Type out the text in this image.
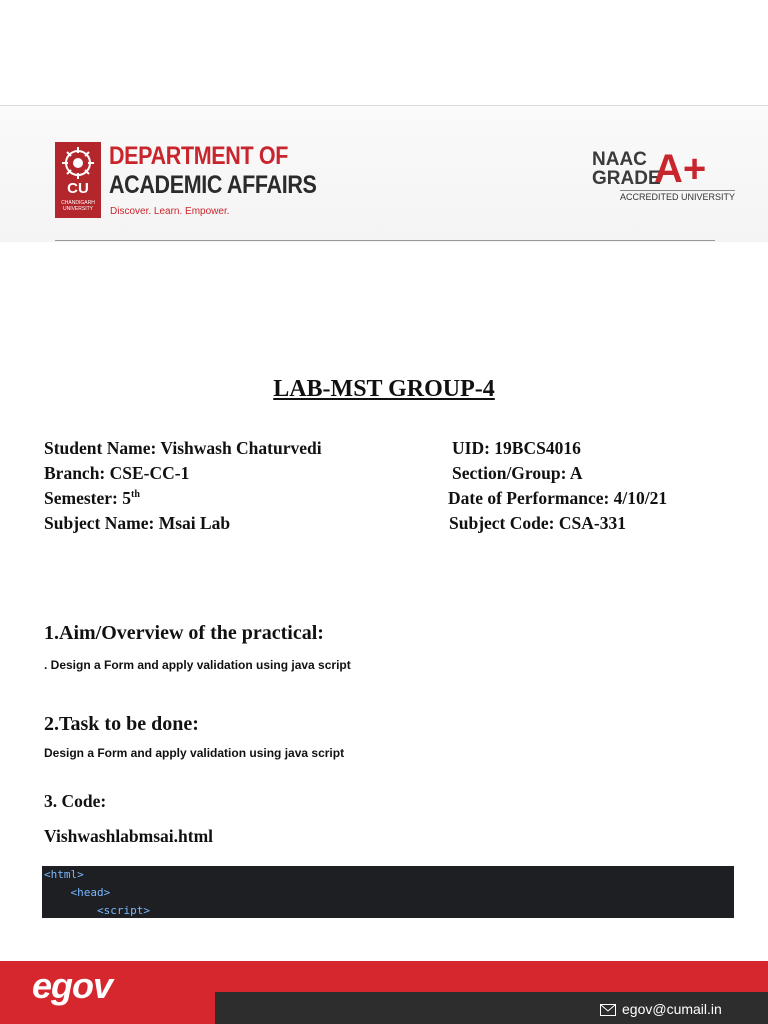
CU
CHANDIGARH UNIVERSITY
DEPARTMENT OF
ACADEMIC AFFAIRS
Discover. Learn. Empower.
NAAC
GRADE
A+
ACCREDITED UNIVERSITY
LAB-MST GROUP-4
Student Name: Vishwash Chaturvedi	UID: 19BCS4016
Branch: CSE-CC-1	Section/Group: A
Semester: 5th	Date of Performance: 4/10/21
Subject Name: Msai Lab	Subject Code: CSA-331
1.Aim/Overview of the practical:
. Design a Form and apply validation using java script
2.Task to be done:
Design a Form and apply validation using java script
3. Code:
Vishwashlabmsai.html
<html>
<head>
<script>
egov
egov@cumail.in
